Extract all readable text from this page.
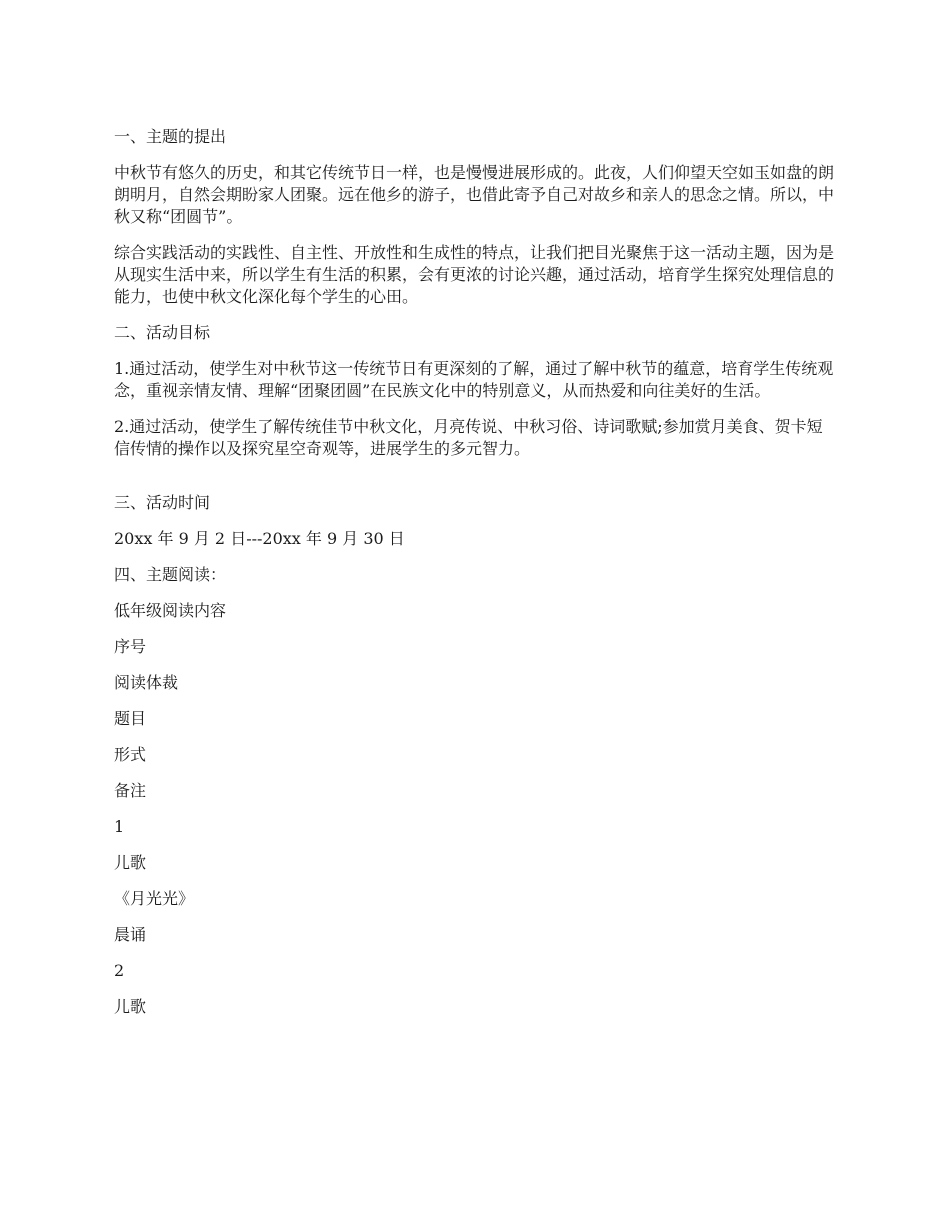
一、主题的提出

中秋节有悠久的历史，和其它传统节日一样，也是慢慢进展形成的。此夜，人们仰望天空如玉如盘的朗朗明月，自然会期盼家人团聚。远在他乡的游子，也借此寄予自己对故乡和亲人的思念之情。所以，中秋又称“团圆节”。

综合实践活动的实践性、自主性、开放性和生成性的特点，让我们把目光聚焦于这一活动主题，因为是从现实生活中来，所以学生有生活的积累，会有更浓的讨论兴趣，通过活动，培育学生探究处理信息的能力，也使中秋文化深化每个学生的心田。

二、活动目标

1.通过活动，使学生对中秋节这一传统节日有更深刻的了解，通过了解中秋节的蕴意，培育学生传统观念，重视亲情友情、理解“团聚团圆”在民族文化中的特别意义，从而热爱和向往美好的生活。

2.通过活动，使学生了解传统佳节中秋文化，月亮传说、中秋习俗、诗词歌赋;参加赏月美食、贺卡短信传情的操作以及探究星空奇观等，进展学生的多元智力。

三、活动时间

20xx 年 9 月 2 日---20xx 年 9 月 30 日

四、主题阅读：

低年级阅读内容

序号

阅读体裁

题目

形式

备注

1

儿歌

《月光光》

晨诵

2

儿歌
